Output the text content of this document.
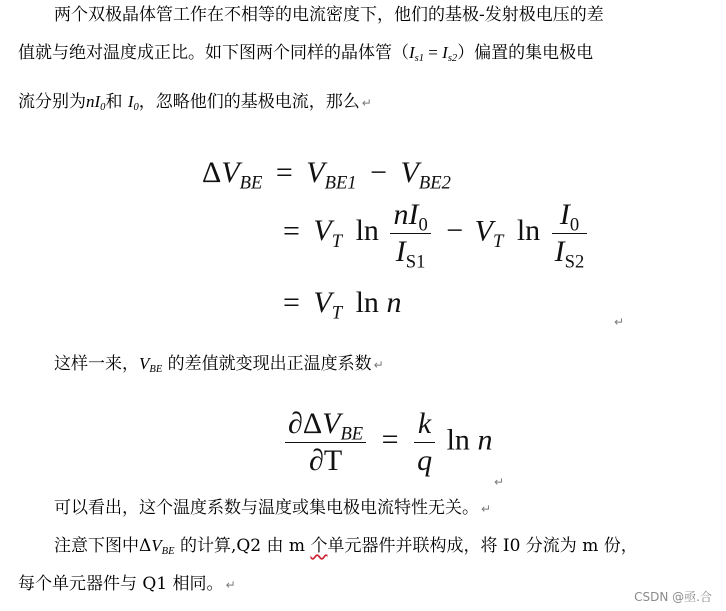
两个双极晶体管工作在不相等的电流密度下，他们的基极-发射极电压的差
值就与绝对温度成正比。如下图两个同样的晶体管$(I_{s1} = I_{s2})$偏置的集电极电
流分别为$nI_0$和 $I_0$，忽略他们的基极电流，那么 ↵
$\Delta V_{BE} = V_{BE1} - V_{BE2}$
= $V_T$ $\ln \frac{nI_0}{I_{S1}} - V_T$ $\ln \frac{I_0}{I_{S2}}$
= $V_T$ ln n
↵
这样一来，$V_{BE}$ 的差值就变现出正温度系数 ↵
$\frac{\partial\Delta V_{BE}}{\partial T} = \frac{k}{q}$ ln n
↵
可以看出，这个温度系数与温度或集电极电流特性无关。 ↵
注意下图中$\Delta V_{BE}$ 的计算,Q2 由 m 个单元器件并联构成，将 I0 分流为 m 份，
每个单元器件与 Q1 相同。 ↵
CSDN @亟.合
